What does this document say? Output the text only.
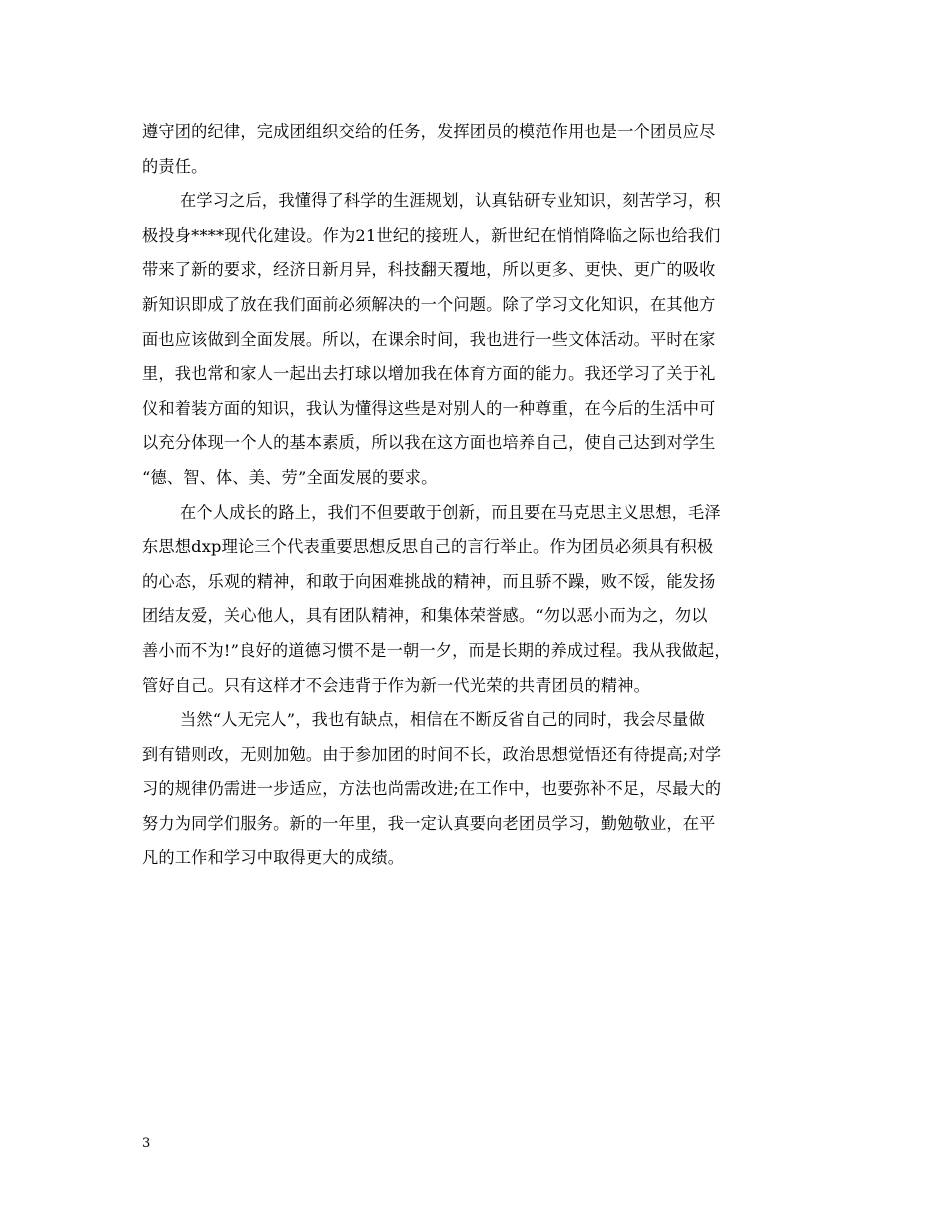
遵守团的纪律，完成团组织交给的任务，发挥团员的模范作用也是一个团员应尽
的责任。
在学习之后，我懂得了科学的生涯规划，认真钻研专业知识，刻苦学习，积
极投身****现代化建设。作为21世纪的接班人，新世纪在悄悄降临之际也给我们
带来了新的要求，经济日新月异，科技翻天覆地，所以更多、更快、更广的吸收
新知识即成了放在我们面前必须解决的一个问题。除了学习文化知识，在其他方
面也应该做到全面发展。所以，在课余时间，我也进行一些文体活动。平时在家
里，我也常和家人一起出去打球以增加我在体育方面的能力。我还学习了关于礼
仪和着装方面的知识，我认为懂得这些是对别人的一种尊重，在今后的生活中可
以充分体现一个人的基本素质，所以我在这方面也培养自己，使自己达到对学生
“德、智、体、美、劳”全面发展的要求。
在个人成长的路上，我们不但要敢于创新，而且要在马克思主义思想，毛泽
东思想dxp理论三个代表重要思想反思自己的言行举止。作为团员必须具有积极
的心态，乐观的精神，和敢于向困难挑战的精神，而且骄不躁，败不馁，能发扬
团结友爱，关心他人，具有团队精神，和集体荣誉感。“勿以恶小而为之，勿以
善小而不为!”良好的道德习惯不是一朝一夕，而是长期的养成过程。我从我做起，
管好自己。只有这样才不会违背于作为新一代光荣的共青团员的精神。
当然“人无完人”，我也有缺点，相信在不断反省自己的同时，我会尽量做
到有错则改，无则加勉。由于参加团的时间不长，政治思想觉悟还有待提高;对学
习的规律仍需进一步适应，方法也尚需改进;在工作中，也要弥补不足，尽最大的
努力为同学们服务。新的一年里，我一定认真要向老团员学习，勤勉敬业，在平
凡的工作和学习中取得更大的成绩。
3
